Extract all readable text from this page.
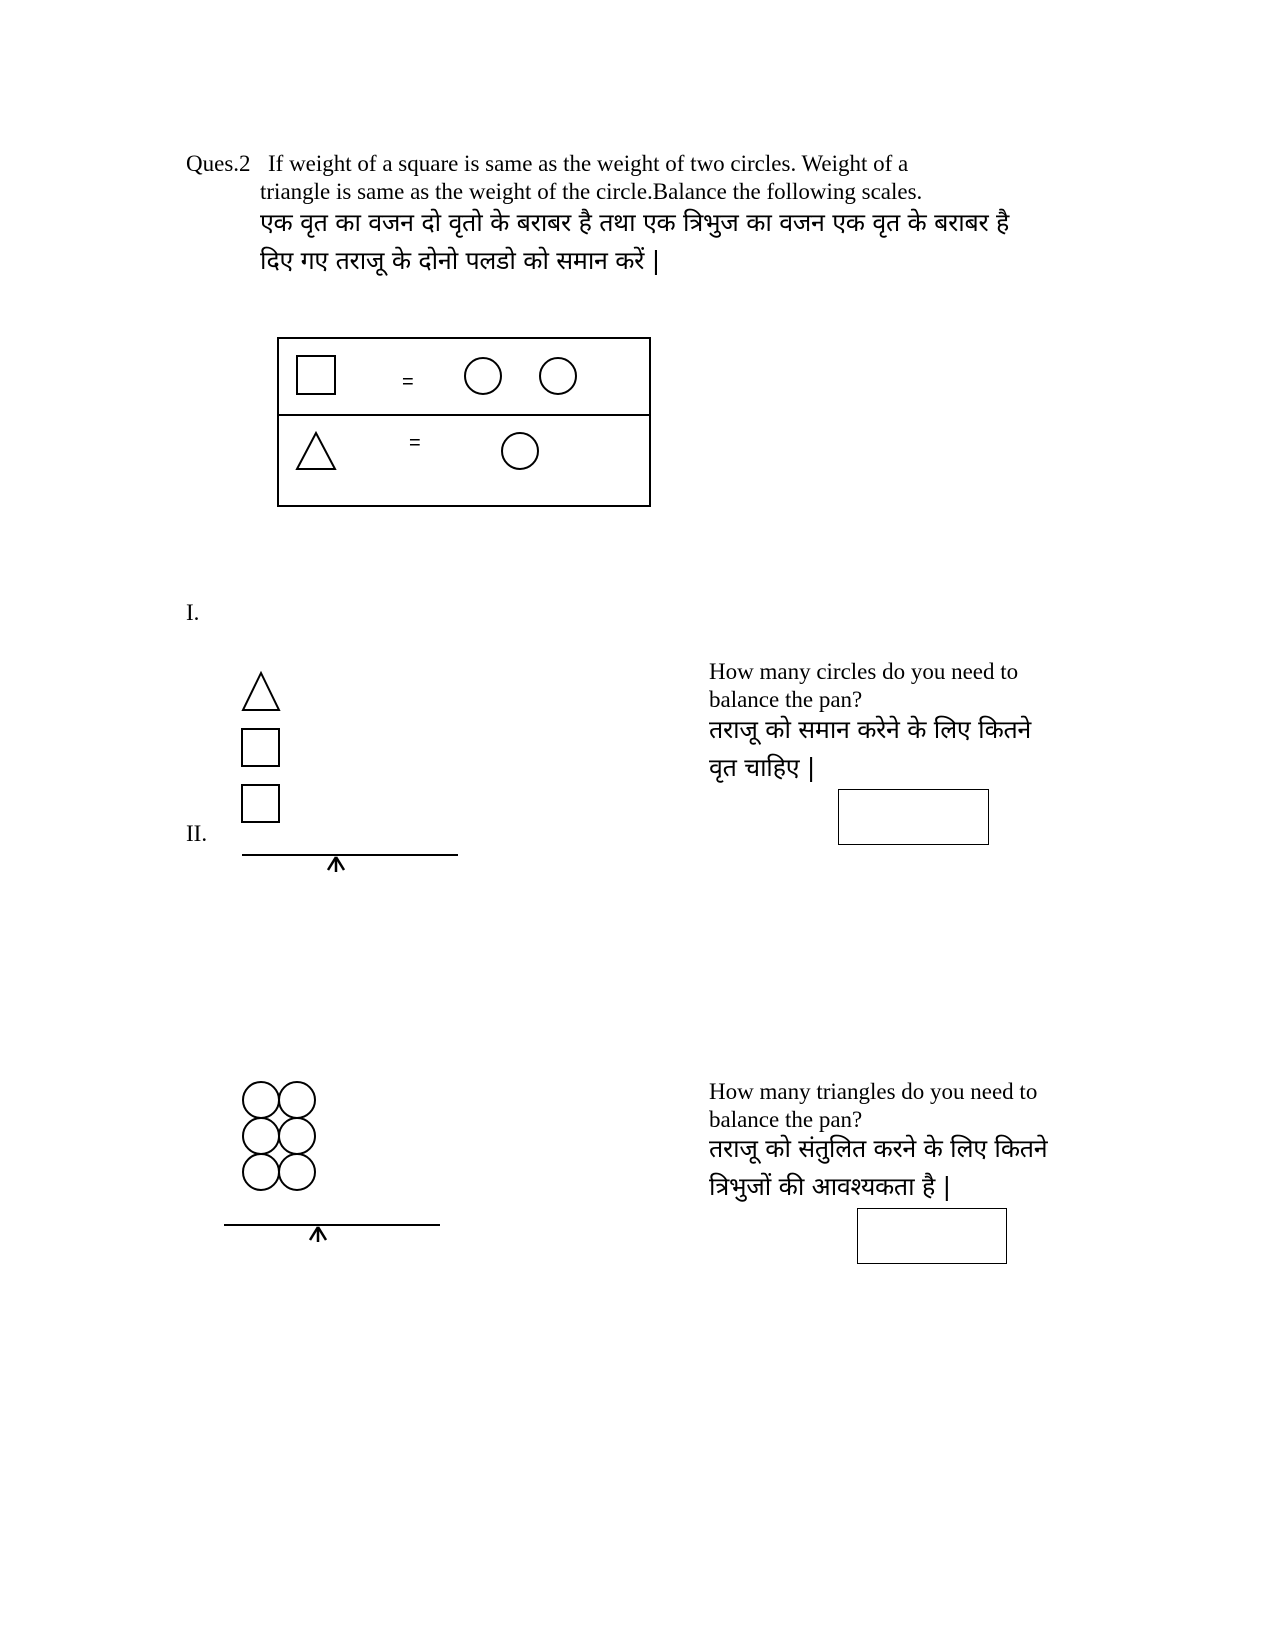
Ques.2 If weight of a square is same as the weight of two circles. Weight of a
triangle is same as the weight of the circle.Balance the following scales.
एक वृत का वजन दो वृतो के बराबर है तथा एक त्रिभुज का वजन एक वृत के बराबर है
दिए गए तराजू के दोनो पलडो को समान करें |
=
=
I.
II.
How many circles do you need to
balance the pan?
तराजू को समान करेने के लिए कितने
वृत चाहिए |
How many triangles do you need to
balance the pan?
तराजू को संतुलित करने के लिए कितने
त्रिभुजों की आवश्यकता है |
